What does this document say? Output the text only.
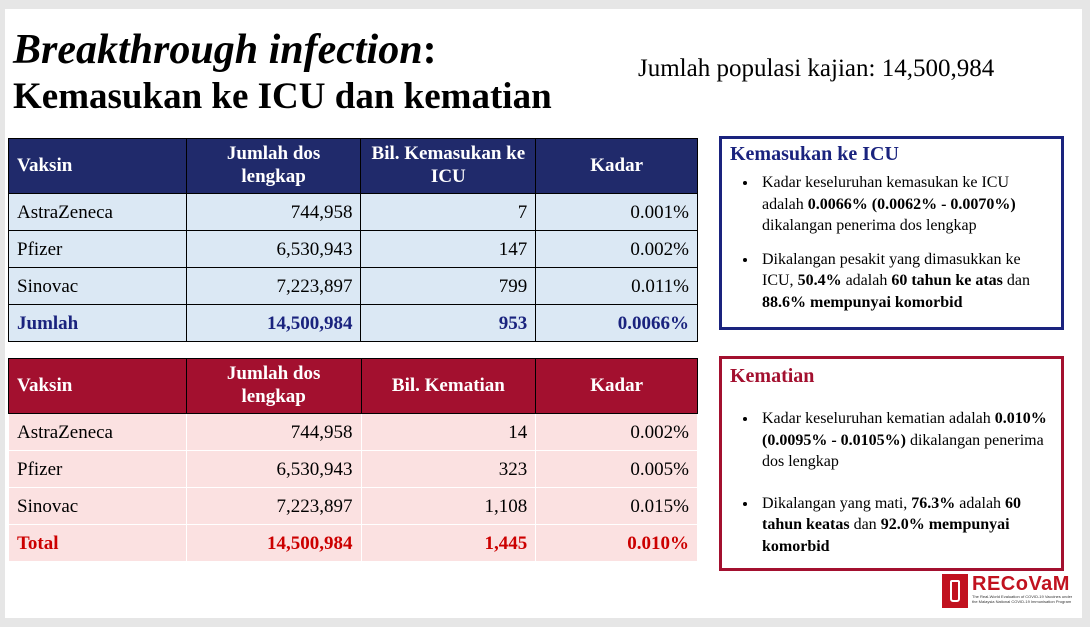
Breakthrough infection:
Kemasukan ke ICU dan kematian
Jumlah populasi kajian: 14,500,984
Vaksin	Jumlah dos lengkap	Bil. Kemasukan ke ICU	Kadar
AstraZeneca	744,958	7	0.001%
Pfizer	6,530,943	147	0.002%
Sinovac	7,223,897	799	0.011%
Jumlah	14,500,984	953	0.0066%
Vaksin	Jumlah dos lengkap	Bil. Kematian	Kadar
AstraZeneca	744,958	14	0.002%
Pfizer	6,530,943	323	0.005%
Sinovac	7,223,897	1,108	0.015%
Total	14,500,984	1,445	0.010%
Kemasukan ke ICU
• Kadar keseluruhan kemasukan ke ICU adalah 0.0066% (0.0062% - 0.0070%) dikalangan penerima dos lengkap
• Dikalangan pesakit yang dimasukkan ke ICU, 50.4% adalah 60 tahun ke atas dan 88.6% mempunyai komorbid
Kematian
• Kadar keseluruhan kematian adalah 0.010% (0.0095% - 0.0105%) dikalangan penerima dos lengkap
• Dikalangan yang mati, 76.3% adalah 60 tahun keatas dan 92.0% mempunyai komorbid
RECoVaM
The Real-World Evaluation of COVID-19 Vaccines under the Malaysia National COVID-19 Immunisation Program
